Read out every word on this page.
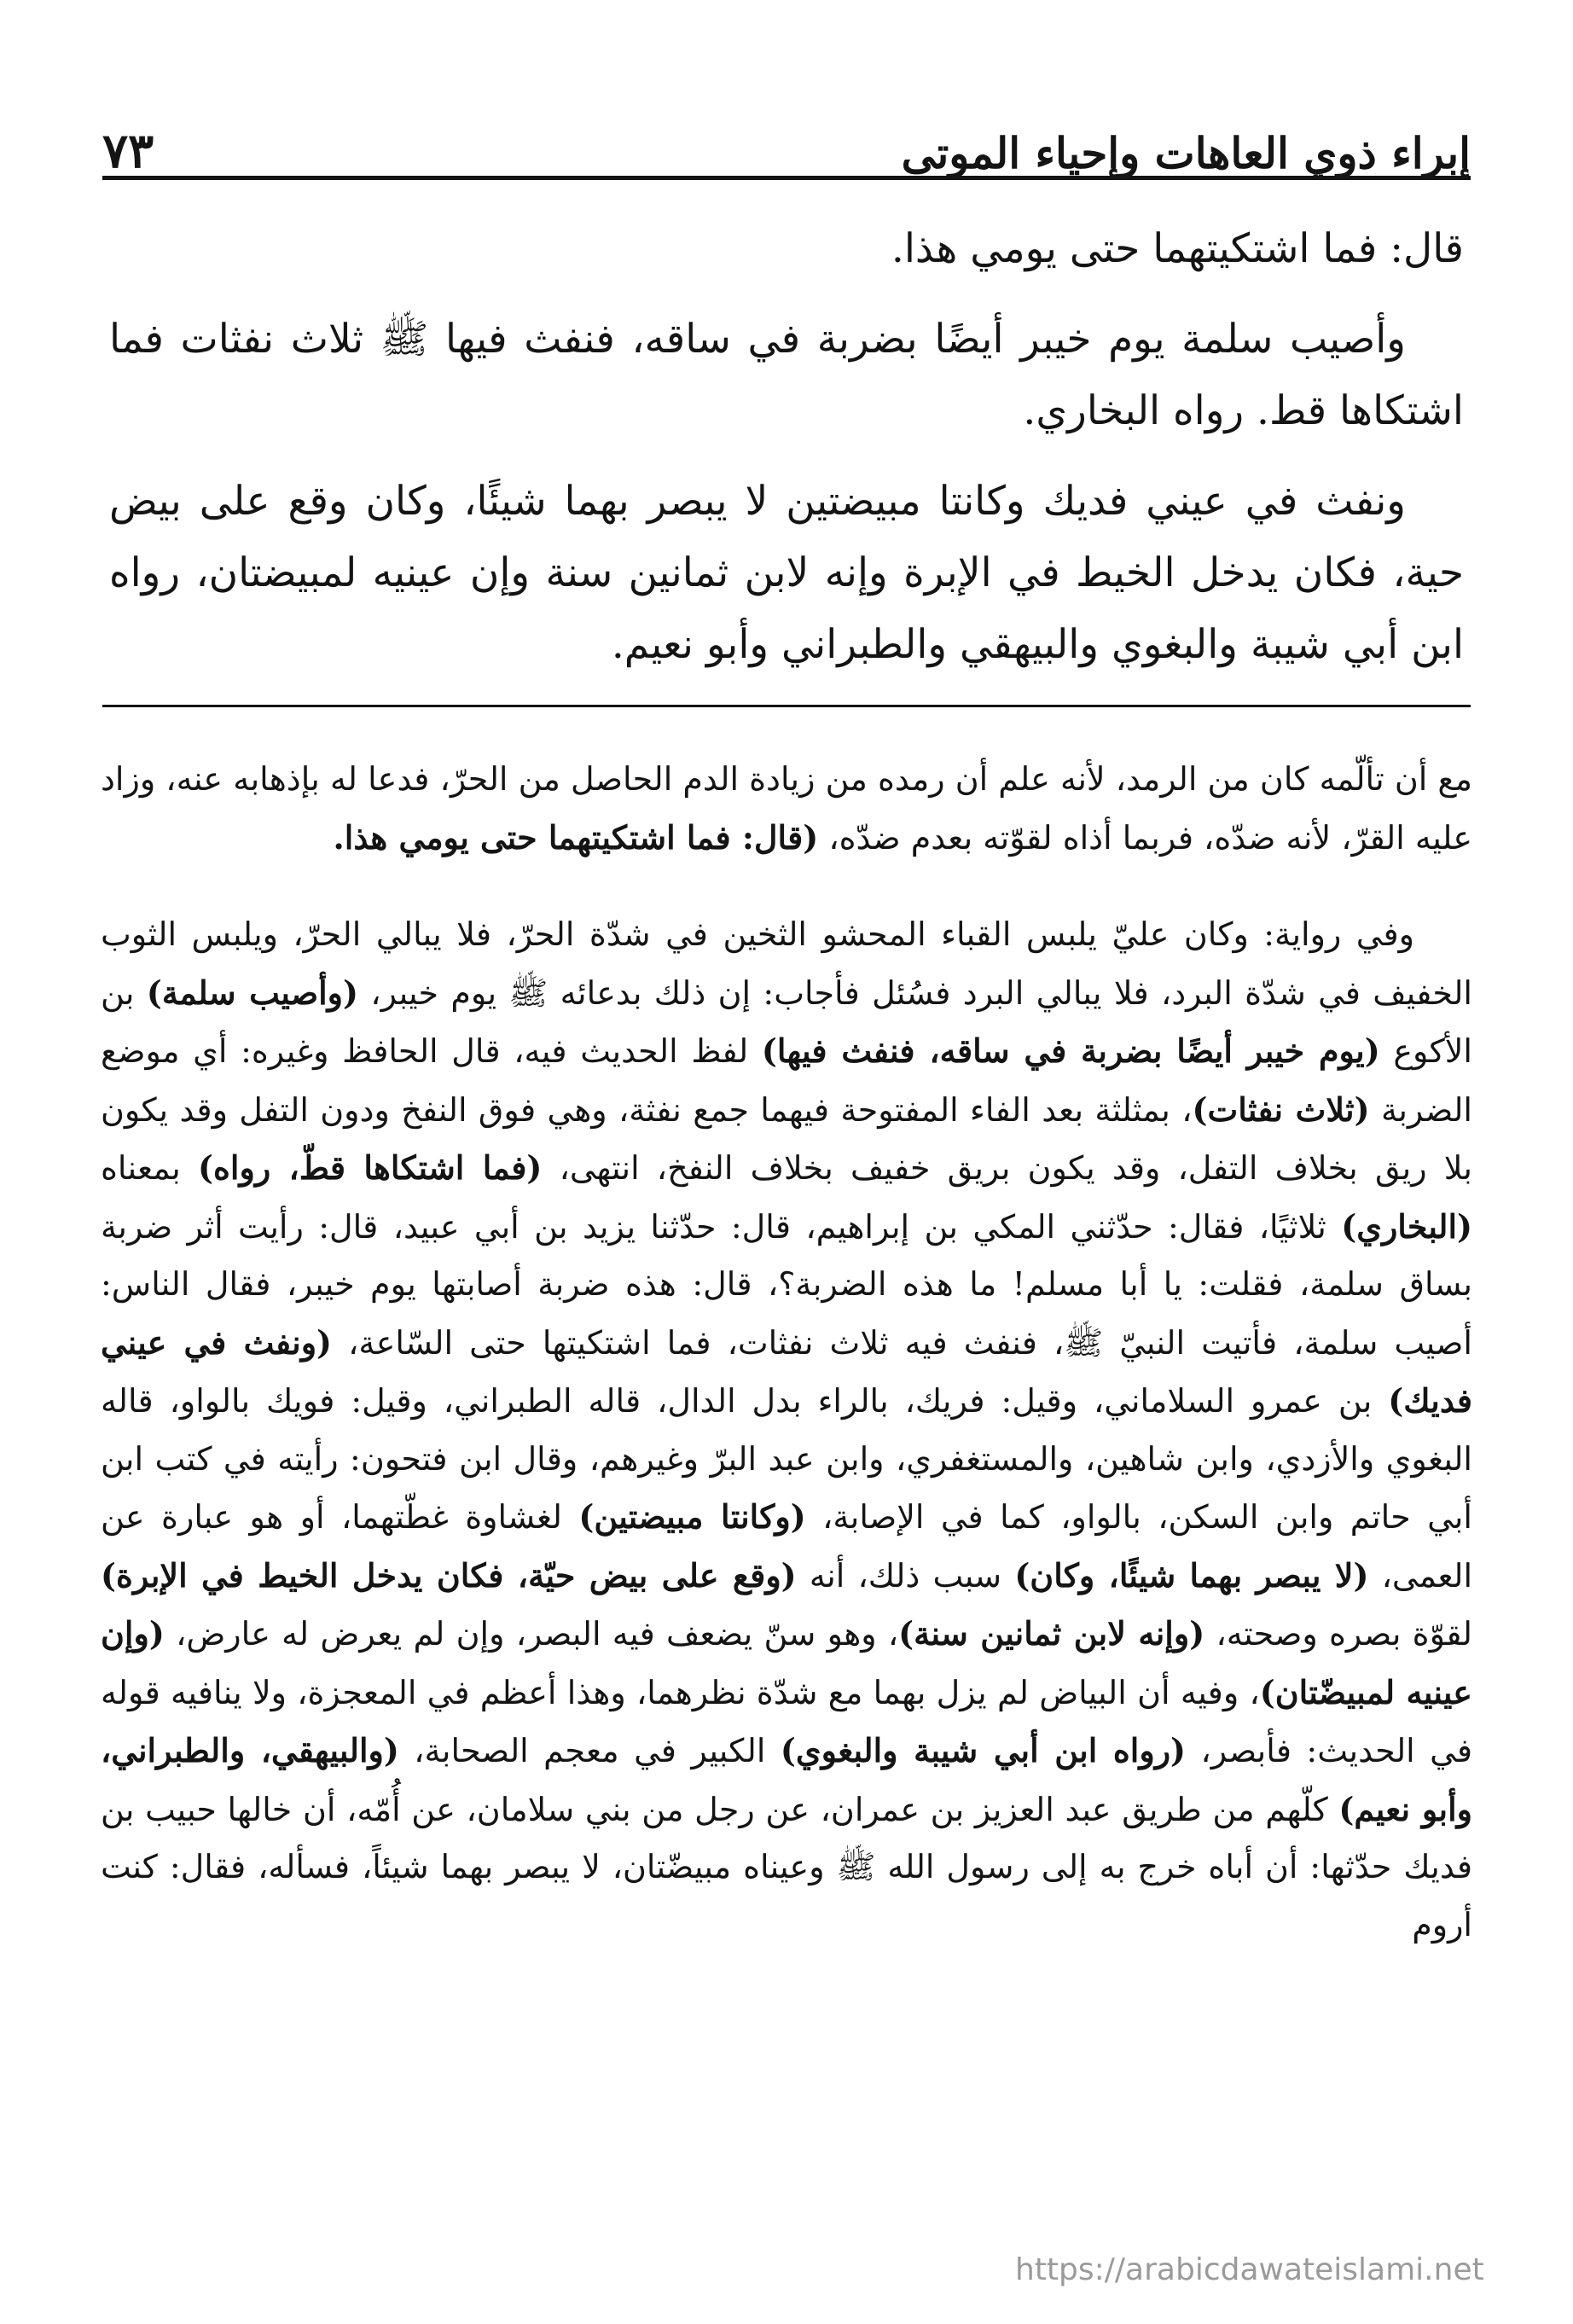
إبراء ذوي العاهات وإحياء الموتى
٧٣

قال: فما اشتكيتهما حتى يومي هذا.

وأصيب سلمة يوم خيبر أيضًا بضربة في ساقه، فنفث فيها ﷺ ثلاث نفثات فما اشتكاها قط. رواه البخاري.

ونفث في عيني فديك وكانتا مبيضتين لا يبصر بهما شيئًا، وكان وقع على بيض حية، فكان يدخل الخيط في الإبرة وإنه لابن ثمانين سنة وإن عينيه لمبيضتان، رواه ابن أبي شيبة والبغوي والبيهقي والطبراني وأبو نعيم.

مع أن تألّمه كان من الرمد، لأنه علم أن رمده من زيادة الدم الحاصل من الحرّ، فدعا له بإذهابه عنه، وزاد عليه القرّ، لأنه ضدّه، فربما أذاه لقوّته بعدم ضدّه، (قال: فما اشتكيتهما حتى يومي هذا.

وفي رواية: وكان عليّ يلبس القباء المحشو الثخين في شدّة الحرّ، فلا يبالي الحرّ، ويلبس الثوب الخفيف في شدّة البرد، فلا يبالي البرد فسُئل فأجاب: إن ذلك بدعائه ﷺ يوم خيبر، (وأصيب سلمة) بن الأكوع (يوم خيبر أيضًا بضربة في ساقه، فنفث فيها) لفظ الحديث فيه، قال الحافظ وغيره: أي موضع الضربة (ثلاث نفثات)، بمثلثة بعد الفاء المفتوحة فيهما جمع نفثة، وهي فوق النفخ ودون التفل وقد يكون بلا ريق بخلاف التفل، وقد يكون بريق خفيف بخلاف النفخ، انتهى، (فما اشتكاها قطّ، رواه) بمعناه (البخاري) ثلاثيًا، فقال: حدّثني المكي بن إبراهيم، قال: حدّثنا يزيد بن أبي عبيد، قال: رأيت أثر ضربة بساق سلمة، فقلت: يا أبا مسلم! ما هذه الضربة؟، قال: هذه ضربة أصابتها يوم خيبر، فقال الناس: أصيب سلمة، فأتيت النبيّ ﷺ، فنفث فيه ثلاث نفثات، فما اشتكيتها حتى السّاعة، (ونفث في عيني فديك) بن عمرو السلاماني، وقيل: فريك، بالراء بدل الدال، قاله الطبراني، وقيل: فويك بالواو، قاله البغوي والأزدي، وابن شاهين، والمستغفري، وابن عبد البرّ وغيرهم، وقال ابن فتحون: رأيته في كتب ابن أبي حاتم وابن السكن، بالواو، كما في الإصابة، (وكانتا مبيضتين) لغشاوة غطّتهما، أو هو عبارة عن العمى، (لا يبصر بهما شيئًا، وكان) سبب ذلك، أنه (وقع على بيض حيّة، فكان يدخل الخيط في الإبرة) لقوّة بصره وصحته، (وإنه لابن ثمانين سنة)، وهو سنّ يضعف فيه البصر، وإن لم يعرض له عارض، (وإن عينيه لمبيضّتان)، وفيه أن البياض لم يزل بهما مع شدّة نظرهما، وهذا أعظم في المعجزة، ولا ينافيه قوله في الحديث: فأبصر، (رواه ابن أبي شيبة والبغوي) الكبير في معجم الصحابة، (والبيهقي، والطبراني، وأبو نعيم) كلّهم من طريق عبد العزيز بن عمران، عن رجل من بني سلامان، عن أُمّه، أن خالها حبيب بن فديك حدّثها: أن أباه خرج به إلى رسول الله ﷺ وعيناه مبيضّتان، لا يبصر بهما شيئاً، فسأله، فقال: كنت أروم

https://arabicdawateislami.net
